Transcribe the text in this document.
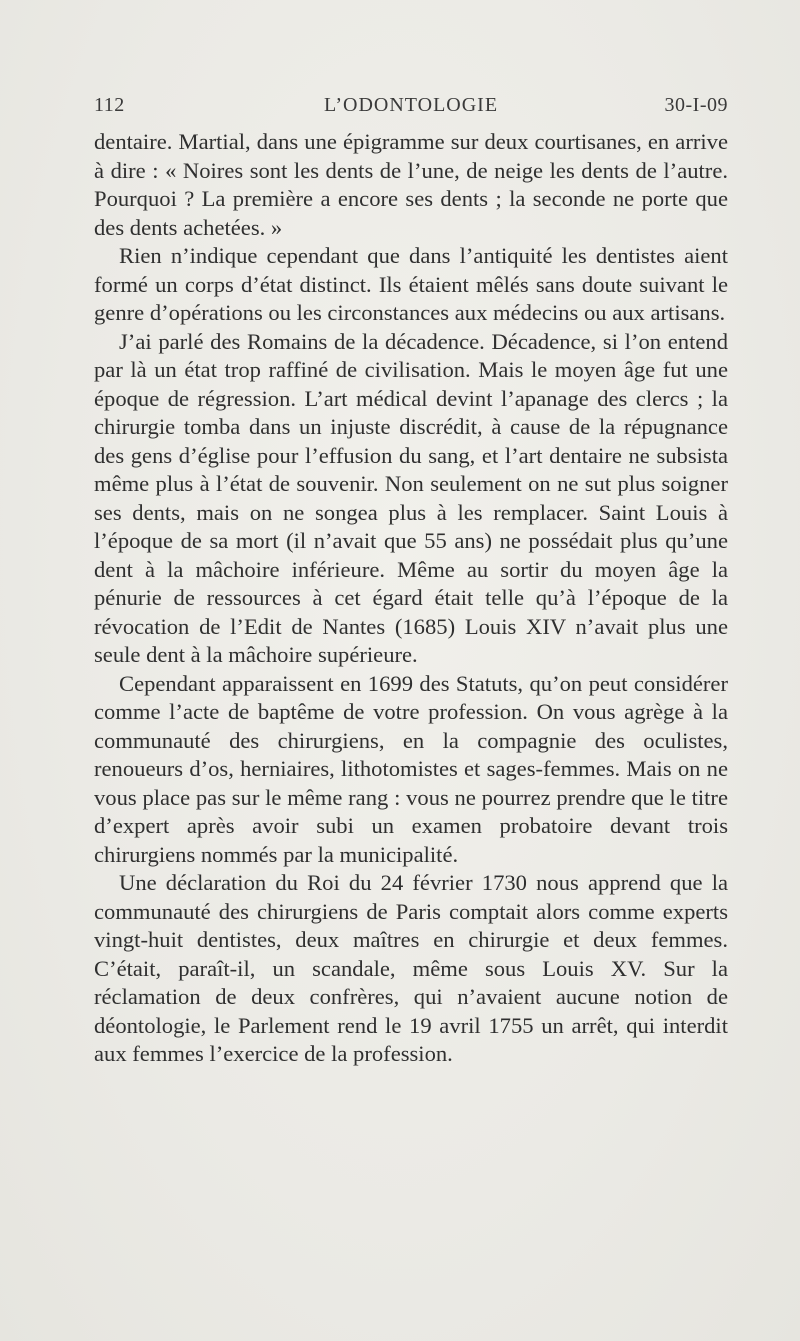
112	L’ODONTOLOGIE	30-I-09

dentaire. Martial, dans une épigramme sur deux courtisanes, en arrive à dire : « Noires sont les dents de l’une, de neige les dents de l’autre. Pourquoi ? La première a encore ses dents ; la seconde ne porte que des dents achetées. »

Rien n’indique cependant que dans l’antiquité les dentistes aient formé un corps d’état distinct. Ils étaient mêlés sans doute suivant le genre d’opérations ou les circonstances aux médecins ou aux artisans.

J’ai parlé des Romains de la décadence. Décadence, si l’on entend par là un état trop raffiné de civilisation. Mais le moyen âge fut une époque de régression. L’art médical devint l’apanage des clercs ; la chirurgie tomba dans un injuste discrédit, à cause de la répugnance des gens d’église pour l’effusion du sang, et l’art dentaire ne subsista même plus à l’état de souvenir. Non seulement on ne sut plus soigner ses dents, mais on ne songea plus à les remplacer. Saint Louis à l’époque de sa mort (il n’avait que 55 ans) ne possédait plus qu’une dent à la mâchoire inférieure. Même au sortir du moyen âge la pénurie de ressources à cet égard était telle qu’à l’époque de la révocation de l’Edit de Nantes (1685) Louis XIV n’avait plus une seule dent à la mâchoire supérieure.

Cependant apparaissent en 1699 des Statuts, qu’on peut considérer comme l’acte de baptême de votre profession. On vous agrège à la communauté des chirurgiens, en la compagnie des oculistes, renoueurs d’os, herniaires, lithotomistes et sages-femmes. Mais on ne vous place pas sur le même rang : vous ne pourrez prendre que le titre d’expert après avoir subi un examen probatoire devant trois chirurgiens nommés par la municipalité.

Une déclaration du Roi du 24 février 1730 nous apprend que la communauté des chirurgiens de Paris comptait alors comme experts vingt-huit dentistes, deux maîtres en chirurgie et deux femmes. C’était, paraît-il, un scandale, même sous Louis XV. Sur la réclamation de deux confrères, qui n’avaient aucune notion de déontologie, le Parlement rend le 19 avril 1755 un arrêt, qui interdit aux femmes l’exercice de la profession.
